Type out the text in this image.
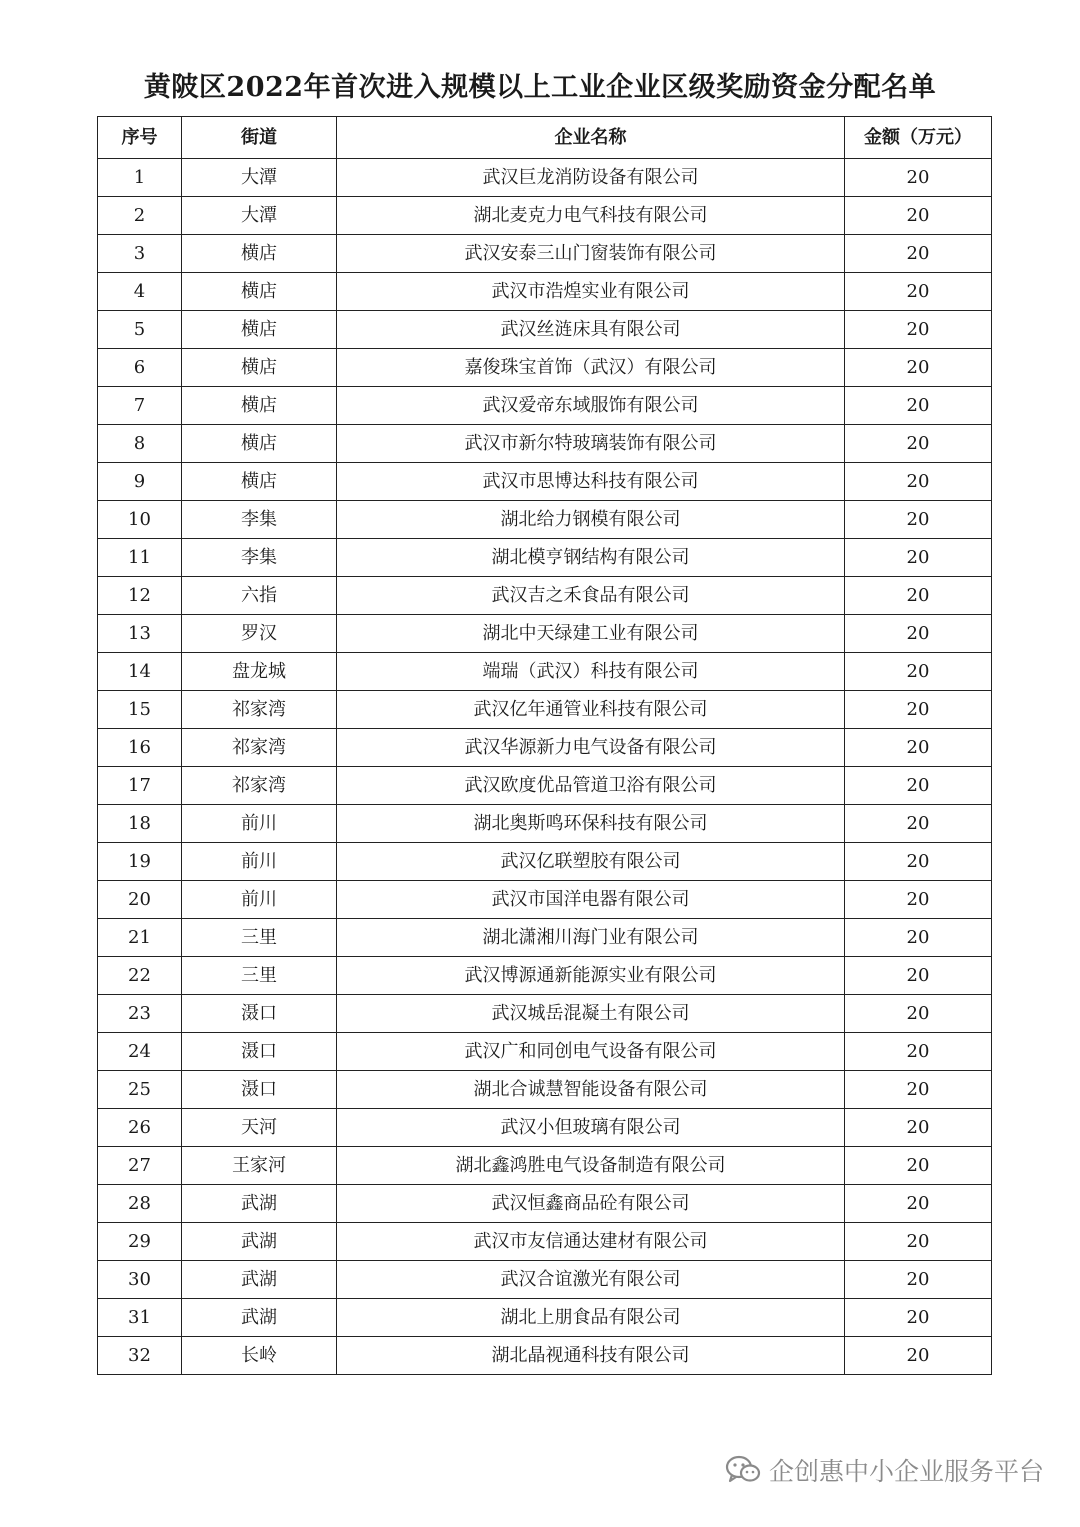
黄陂区2022年首次进入规模以上工业企业区级奖励资金分配名单
序号	街道	企业名称	金额（万元）
1	大潭	武汉巨龙消防设备有限公司	20
2	大潭	湖北麦克力电气科技有限公司	20
3	横店	武汉安泰三山门窗装饰有限公司	20
4	横店	武汉市浩煌实业有限公司	20
5	横店	武汉丝涟床具有限公司	20
6	横店	嘉俊珠宝首饰（武汉）有限公司	20
7	横店	武汉爱帝东域服饰有限公司	20
8	横店	武汉市新尔特玻璃装饰有限公司	20
9	横店	武汉市思博达科技有限公司	20
10	李集	湖北给力钢模有限公司	20
11	李集	湖北模亨钢结构有限公司	20
12	六指	武汉吉之禾食品有限公司	20
13	罗汉	湖北中天绿建工业有限公司	20
14	盘龙城	端瑞（武汉）科技有限公司	20
15	祁家湾	武汉亿年通管业科技有限公司	20
16	祁家湾	武汉华源新力电气设备有限公司	20
17	祁家湾	武汉欧度优品管道卫浴有限公司	20
18	前川	湖北奥斯鸣环保科技有限公司	20
19	前川	武汉亿联塑胶有限公司	20
20	前川	武汉市国洋电器有限公司	20
21	三里	湖北潇湘川海门业有限公司	20
22	三里	武汉博源通新能源实业有限公司	20
23	滠口	武汉城岳混凝土有限公司	20
24	滠口	武汉广和同创电气设备有限公司	20
25	滠口	湖北合诚慧智能设备有限公司	20
26	天河	武汉小但玻璃有限公司	20
27	王家河	湖北鑫鸿胜电气设备制造有限公司	20
28	武湖	武汉恒鑫商品砼有限公司	20
29	武湖	武汉市友信通达建材有限公司	20
30	武湖	武汉合谊激光有限公司	20
31	武湖	湖北上朋食品有限公司	20
32	长岭	湖北晶视通科技有限公司	20
企创惠中小企业服务平台
